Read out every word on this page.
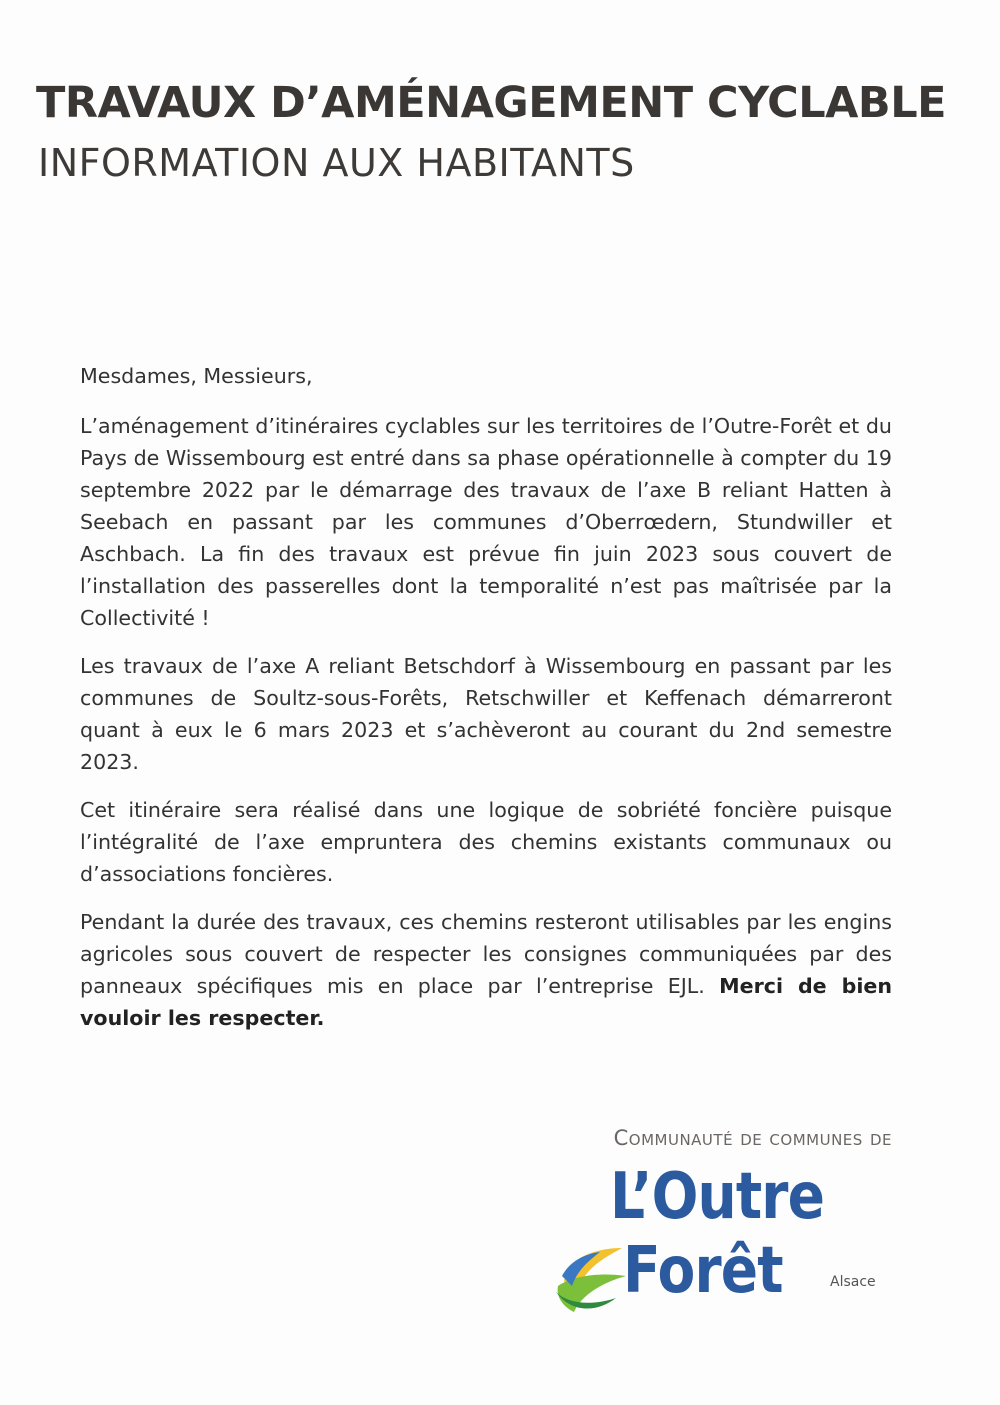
TRAVAUX D’AMÉNAGEMENT CYCLABLE
INFORMATION AUX HABITANTS

Mesdames, Messieurs,

L’aménagement d’itinéraires cyclables sur les territoires de l’Outre-Forêt et du Pays de Wissembourg est entré dans sa phase opérationnelle à compter du 19 septembre 2022 par le démarrage des travaux de l’axe B reliant Hatten à Seebach en passant par les communes d’Oberrœdern, Stundwiller et Aschbach. La fin des travaux est prévue fin juin 2023 sous couvert de l’installation des passerelles dont la temporalité n’est pas maîtrisée par la Collectivité !

Les travaux de l’axe A reliant Betschdorf à Wissembourg en passant par les communes de Soultz-sous-Forêts, Retschwiller et Keffenach démarreront quant à eux le 6 mars 2023 et s’achèveront au courant du 2nd semestre 2023.

Cet itinéraire sera réalisé dans une logique de sobriété foncière puisque l’intégralité de l’axe empruntera des chemins existants communaux ou d’associations foncières.

Pendant la durée des travaux, ces chemins resteront utilisables par les engins agricoles sous couvert de respecter les consignes communiquées par des panneaux spécifiques mis en place par l’entreprise EJL. Merci de bien vouloir les respecter.

Communauté de communes de
L’Outre
Forêt	Alsace
